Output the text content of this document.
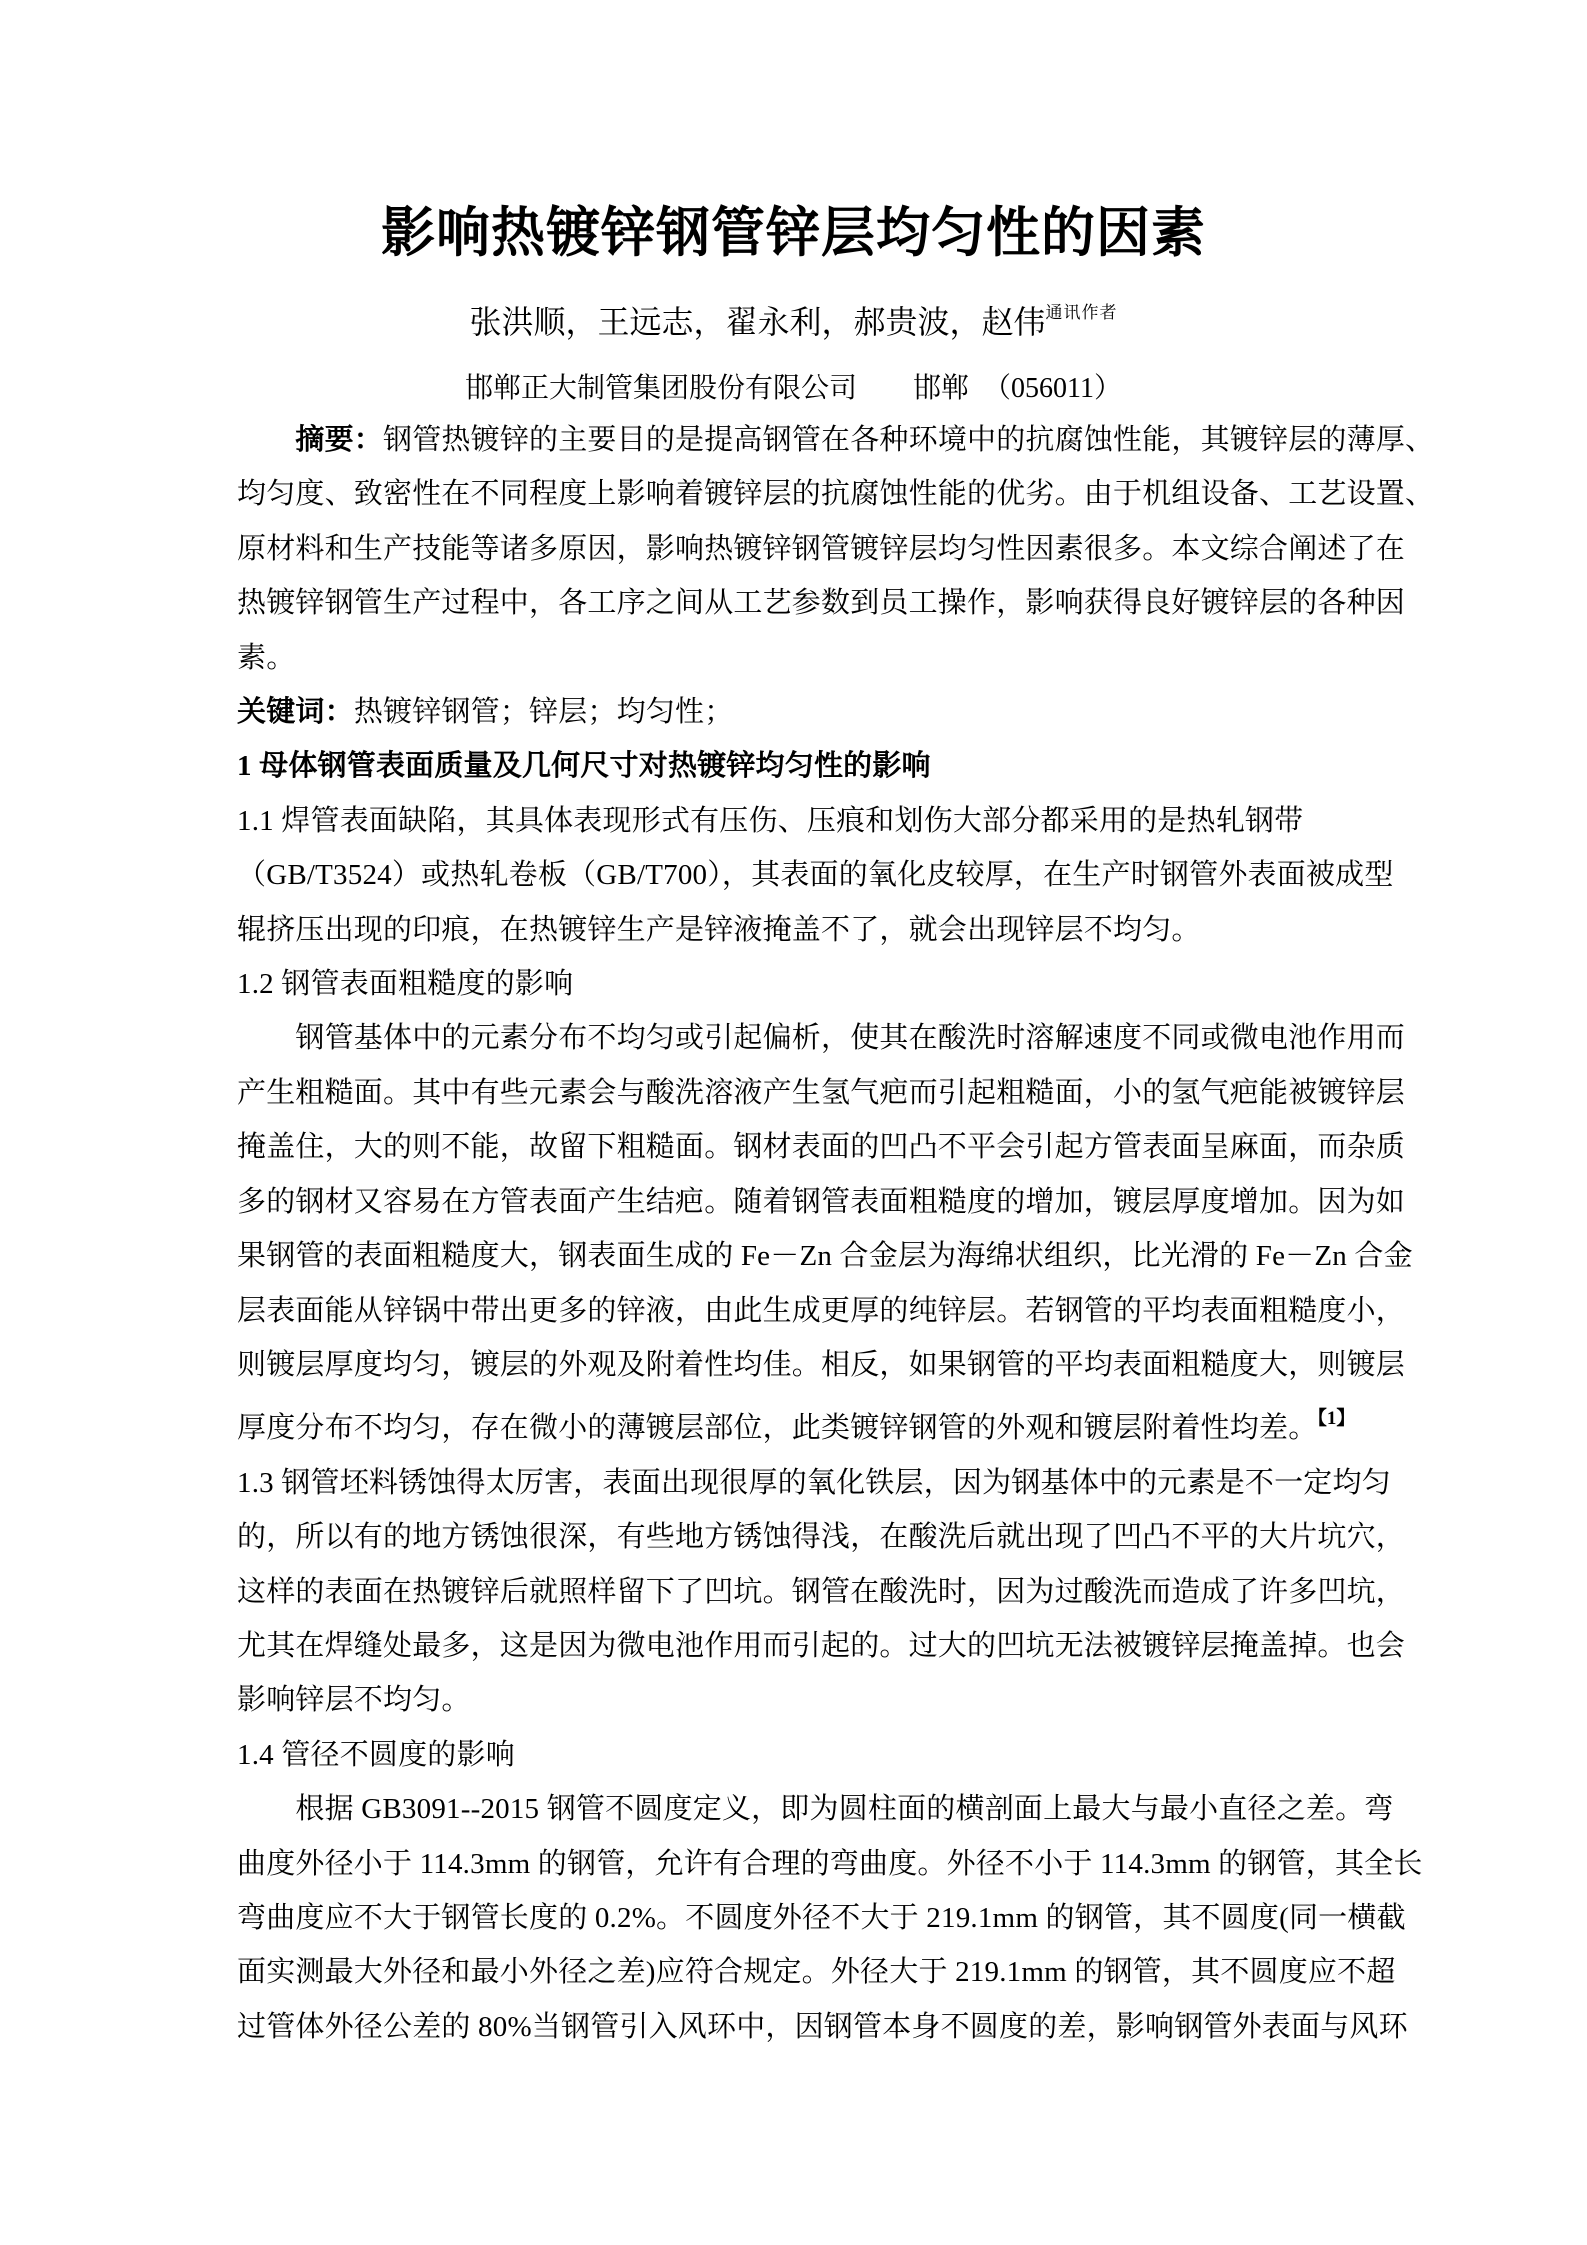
影响热镀锌钢管锌层均匀性的因素
张洪顺，王远志，翟永利，郝贵波，赵伟$^{通讯作者}$
邯郸正大制管集团股份有限公司　　邯郸　（056011）
　　摘要：钢管热镀锌的主要目的是提高钢管在各种环境中的抗腐蚀性能，其镀锌层的薄厚、
均匀度、致密性在不同程度上影响着镀锌层的抗腐蚀性能的优劣。由于机组设备、工艺设置、
原材料和生产技能等诸多原因，影响热镀锌钢管镀锌层均匀性因素很多。本文综合阐述了在
热镀锌钢管生产过程中，各工序之间从工艺参数到员工操作，影响获得良好镀锌层的各种因
素。
关键词：热镀锌钢管；锌层；均匀性；
1 母体钢管表面质量及几何尺寸对热镀锌均匀性的影响
1.1 焊管表面缺陷，其具体表现形式有压伤、压痕和划伤大部分都采用的是热轧钢带
（GB/T3524）或热轧卷板（GB/T700），其表面的氧化皮较厚，在生产时钢管外表面被成型
辊挤压出现的印痕，在热镀锌生产是锌液掩盖不了，就会出现锌层不均匀。
1.2 钢管表面粗糙度的影响
　　钢管基体中的元素分布不均匀或引起偏析，使其在酸洗时溶解速度不同或微电池作用而
产生粗糙面。其中有些元素会与酸洗溶液产生氢气疤而引起粗糙面，小的氢气疤能被镀锌层
掩盖住，大的则不能，故留下粗糙面。钢材表面的凹凸不平会引起方管表面呈麻面，而杂质
多的钢材又容易在方管表面产生结疤。随着钢管表面粗糙度的增加，镀层厚度增加。因为如
果钢管的表面粗糙度大，钢表面生成的 Fe－Zn 合金层为海绵状组织，比光滑的 Fe－Zn 合金
层表面能从锌锅中带出更多的锌液，由此生成更厚的纯锌层。若钢管的平均表面粗糙度小，
则镀层厚度均匀，镀层的外观及附着性均佳。相反，如果钢管的平均表面粗糙度大，则镀层
厚度分布不均匀，存在微小的薄镀层部位，此类镀锌钢管的外观和镀层附着性均差。$^{【1】}$
1.3 钢管坯料锈蚀得太厉害，表面出现很厚的氧化铁层，因为钢基体中的元素是不一定均匀
的，所以有的地方锈蚀很深，有些地方锈蚀得浅，在酸洗后就出现了凹凸不平的大片坑穴，
这样的表面在热镀锌后就照样留下了凹坑。钢管在酸洗时，因为过酸洗而造成了许多凹坑，
尤其在焊缝处最多，这是因为微电池作用而引起的。过大的凹坑无法被镀锌层掩盖掉。也会
影响锌层不均匀。
1.4 管径不圆度的影响
　　根据 GB3091--2015 钢管不圆度定义，即为圆柱面的横剖面上最大与最小直径之差。弯
曲度外径小于 114.3mm 的钢管，允许有合理的弯曲度。外径不小于 114.3mm 的钢管，其全长
弯曲度应不大于钢管长度的 0.2%。不圆度外径不大于 219.1mm 的钢管，其不圆度(同一横截
面实测最大外径和最小外径之差)应符合规定。外径大于 219.1mm 的钢管，其不圆度应不超
过管体外径公差的 80%当钢管引入风环中，因钢管本身不圆度的差，影响钢管外表面与风环
